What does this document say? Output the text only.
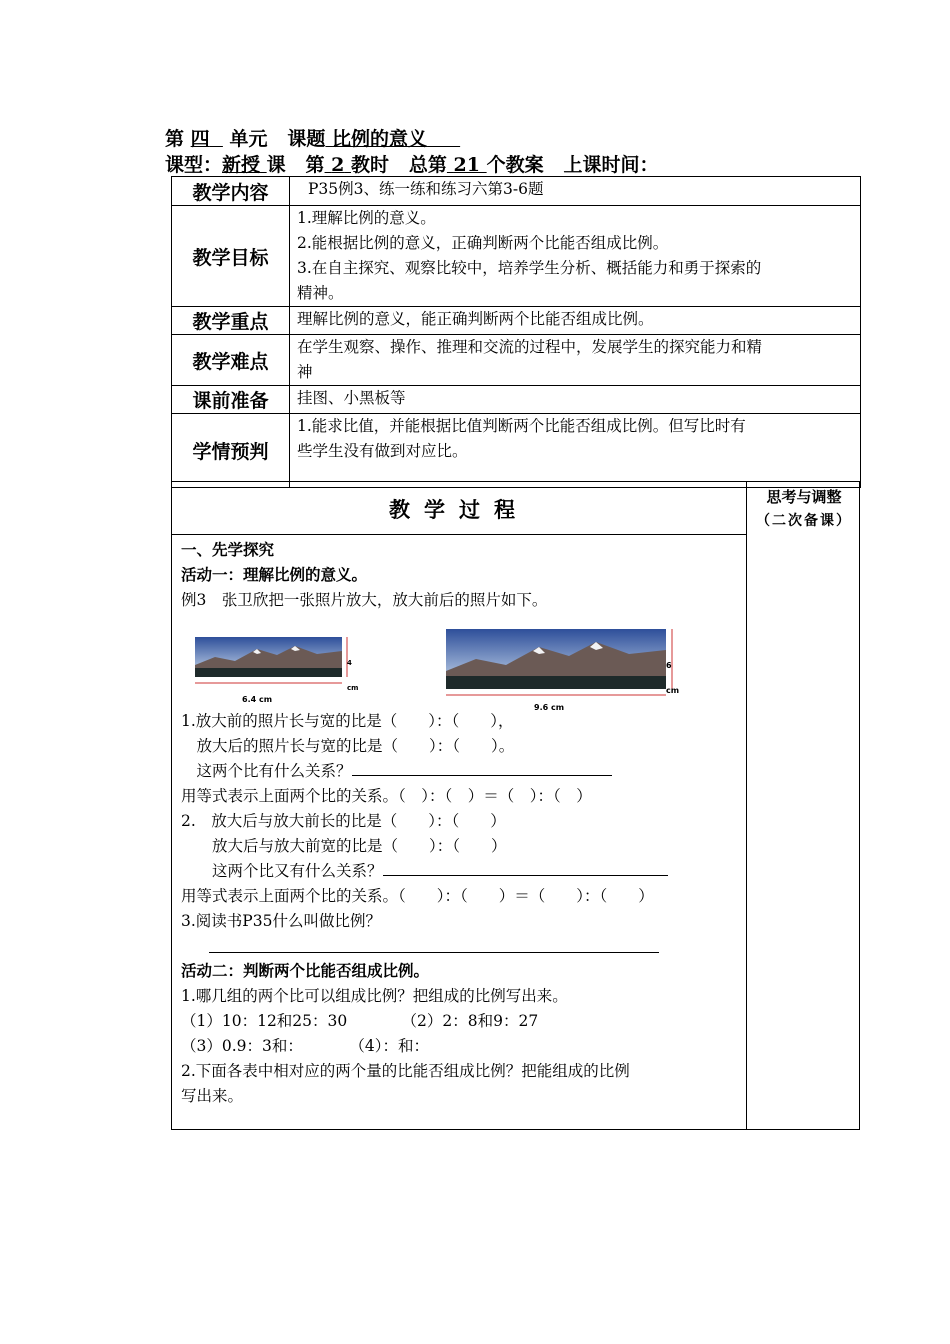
第 四 单元 课题 比例的意义
课型：新授 课 第 2 教时 总第 21 个教案 上课时间：
教学内容	P35例3、练一练和练习六第3-6题
教学目标	1.理解比例的意义。
2.能根据比例的意义，正确判断两个比能否组成比例。
3.在自主探究、观察比较中，培养学生分析、概括能力和勇于探索的
精神。

教学重点	理解比例的意义，能正确判断两个比能否组成比例。
教学难点	在学生观察、操作、推理和交流的过程中，发展学生的探究能力和精
神

课前准备	挂图、小黑板等
学情预判	1.能求比值，并能根据比值判断两个比能否组成比例。但写比时有
些学生没有做到对应比。
教学过程
思考与调整
（二次备课）
一、先学探究
活动一：理解比例的意义。
例3　张卫欣把一张照片放大，放大前后的照片如下。
6.4 cm
4 cm
9.6 cm
6 cm
1.放大前的照片长与宽的比是（　　）：（　　），
　放大后的照片长与宽的比是（　　）：（　　）。
　这两个比有什么关系？
用等式表示上面两个比的关系。（　）：（　）＝（　）：（　）
2.　放大后与放大前长的比是（　　）：（　　）
　　放大后与放大前宽的比是（　　）：（　　）
　　这两个比又有什么关系？
用等式表示上面两个比的关系。（　　）：（　　）＝（　　）：（　　）
3.阅读书P35什么叫做比例？
活动二：判断两个比能否组成比例。
1.哪几组的两个比可以组成比例？把组成的比例写出来。
（1）10：12和25：30　　　　（2）2：8和9：27
（3）0.9：3和：　　　　（4）：和：
2.下面各表中相对应的两个量的比能否组成比例？把能组成的比例
写出来。
